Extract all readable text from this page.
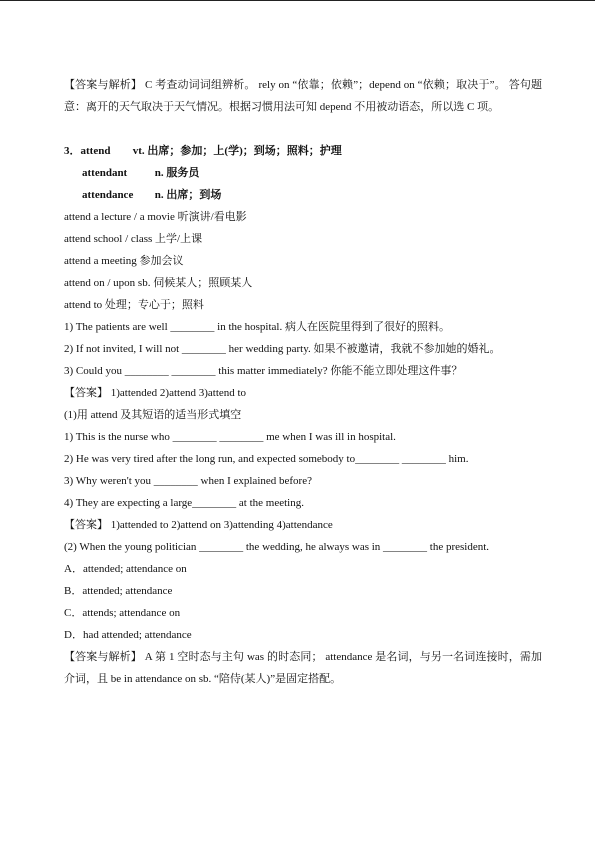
【答案与解析】 C 考查动词词组辨析。 rely on “依靠；依赖”；depend on “依赖；取决于”。 答句题意：离开的天气取决于天气情况。根据习惯用法可知 depend 不用被动语态，所以选 C 项。

3．attend vt. 出席；参加；上(学)；到场；照料；护理

attendant	n. 服务员

attendance n. 出席；到场

attend a lecture / a movie 听演讲/看电影

attend school / class 上学/上课

attend a meeting 参加会议

attend on / upon sb. 伺候某人；照顾某人

attend to 处理；专心于；照料

1) The patients are well ________ in the hospital. 病人在医院里得到了很好的照料。

2) If not invited, I will not ________ her wedding party. 如果不被邀请，我就不参加她的婚礼。

3) Could you ________ ________ this matter immediately? 你能不能立即处理这件事？

【答案】 1)attended 2)attend 3)attend to

(1)用 attend 及其短语的适当形式填空

1) This is the nurse who ________ ________ me when I was ill in hospital.

2) He was very tired after the long run, and expected somebody to________ ________ him.

3) Why weren't you ________ when I explained before?

4) They are expecting a large________ at the meeting.

【答案】 1)attended to 2)attend on 3)attending 4)attendance

(2) When the young politician ________ the wedding, he always was in ________ the president.

A．attended; attendance on

B．attended; attendance

C．attends; attendance on

D．had attended; attendance

【答案与解析】 A 第 1 空时态与主句 was 的时态同； attendance 是名词，与另一名词连接时，需加介词，且 be in attendance on sb. “陪侍(某人)”是固定搭配。
